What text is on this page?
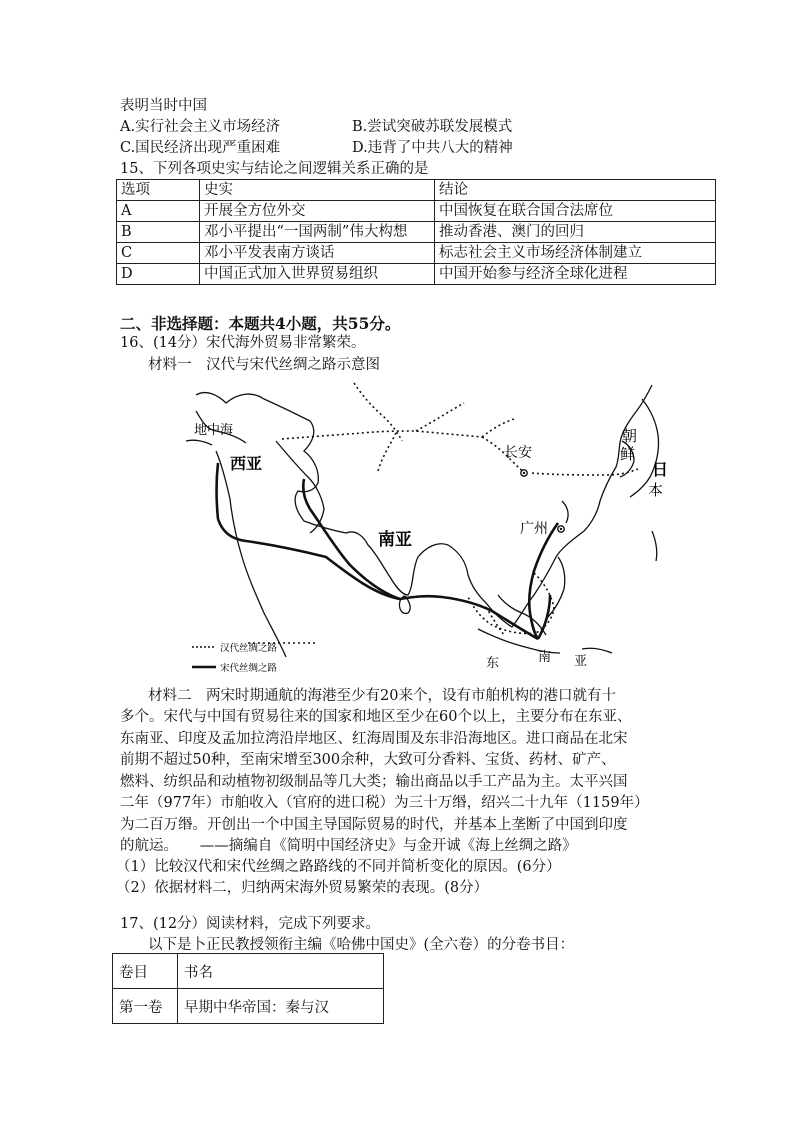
表明当时中国
A.实行社会主义市场经济	B.尝试突破苏联发展模式
C.国民经济出现严重困难	D.违背了中共八大的精神
15、下列各项史实与结论之间逻辑关系正确的是
选项	史实	结论
A	开展全方位外交	中国恢复在联合国合法席位
B	邓小平提出“一国两制”伟大构想	推动香港、澳门的回归
C	邓小平发表南方谈话	标志社会主义市场经济体制建立
D	中国正式加入世界贸易组织	中国开始参与经济全球化进程
二、非选择题：本题共4小题，共55分。
16、(14分）宋代海外贸易非常繁荣。
材料一　汉代与宋代丝绸之路示意图
地中海
西亚
长安
朝
鲜
日
本
广州
南亚
东	南 亚
汉代丝绸之路
宋代丝绸之路
材料二　两宋时期通航的海港至少有20来个，设有市舶机构的港口就有十
多个。宋代与中国有贸易往来的国家和地区至少在60个以上，主要分布在东亚、
东南亚、印度及孟加拉湾沿岸地区、红海周围及东非沿海地区。进口商品在北宋
前期不超过50种，至南宋增至300余种，大致可分香料、宝货、药材、矿产、
燃料、纺织品和动植物初级制品等几大类；输出商品以手工产品为主。太平兴国
二年（977年）市舶收入（官府的进口税）为三十万缗，绍兴二十九年（1159年）
为二百万缗。开创出一个中国主导国际贸易的时代，并基本上垄断了中国到印度
的航运。　　——摘编自《简明中国经济史》与金开诚《海上丝绸之路》
（1）比较汉代和宋代丝绸之路路线的不同并简析变化的原因。(6分）
（2）依据材料二，归纳两宋海外贸易繁荣的表现。(8分）
17、(12分）阅读材料，完成下列要求。
以下是卜正民教授领衔主编《哈佛中国史》(全六卷）的分卷书目：
卷目	书名
第一卷	早期中华帝国：秦与汉
